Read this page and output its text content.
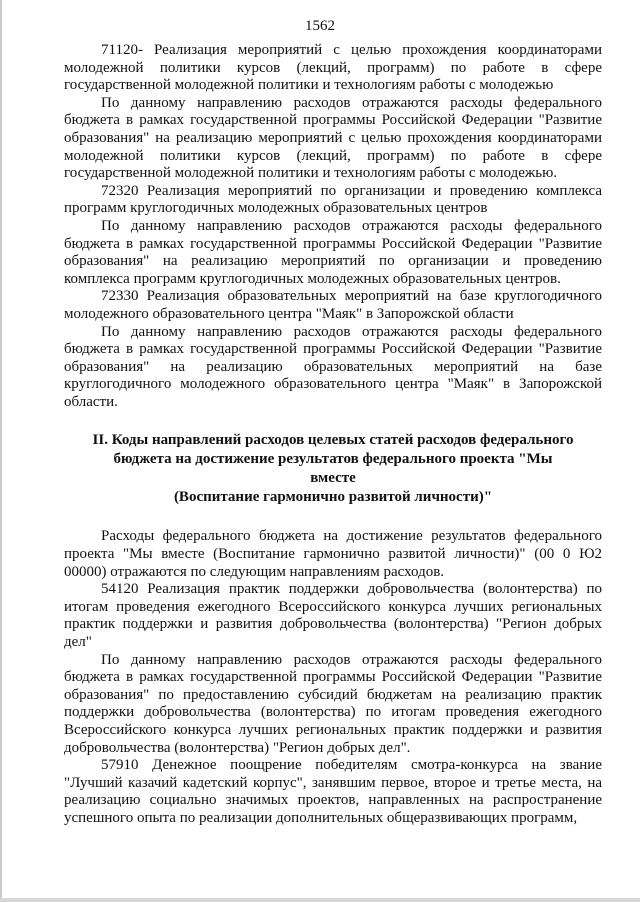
1562

71120- Реализация мероприятий с целью прохождения координаторами молодежной политики курсов (лекций, программ) по работе в сфере государственной молодежной политики и технологиям работы с молодежью

По данному направлению расходов отражаются расходы федерального бюджета в рамках государственной программы Российской Федерации "Развитие образования" на реализацию мероприятий с целью прохождения координаторами молодежной политики курсов (лекций, программ) по работе в сфере государственной молодежной политики и технологиям работы с молодежью.

72320 Реализация мероприятий по организации и проведению комплекса программ круглогодичных молодежных образовательных центров

По данному направлению расходов отражаются расходы федерального бюджета в рамках государственной программы Российской Федерации "Развитие образования" на реализацию мероприятий по организации и проведению комплекса программ круглогодичных молодежных образовательных центров.

72330 Реализация образовательных мероприятий на базе круглогодичного молодежного образовательного центра "Маяк" в Запорожской области

По данному направлению расходов отражаются расходы федерального бюджета в рамках государственной программы Российской Федерации "Развитие образования" на реализацию образовательных мероприятий на базе круглогодичного молодежного образовательного центра "Маяк" в Запорожской области.

II. Коды направлений расходов целевых статей расходов федерального
бюджета на достижение результатов федерального проекта "Мы вместе
(Воспитание гармонично развитой личности)"

Расходы федерального бюджета на достижение результатов федерального проекта "Мы вместе (Воспитание гармонично развитой личности)" (00 0 Ю2 00000) отражаются по следующим направлениям расходов.

54120 Реализация практик поддержки добровольчества (волонтерства) по итогам проведения ежегодного Всероссийского конкурса лучших региональных практик поддержки и развития добровольчества (волонтерства) "Регион добрых дел"

По данному направлению расходов отражаются расходы федерального бюджета в рамках государственной программы Российской Федерации "Развитие образования" по предоставлению субсидий бюджетам на реализацию практик поддержки добровольчества (волонтерства) по итогам проведения ежегодного Всероссийского конкурса лучших региональных практик поддержки и развития добровольчества (волонтерства) "Регион добрых дел".

57910 Денежное поощрение победителям смотра-конкурса на звание "Лучший казачий кадетский корпус", занявшим первое, второе и третье места, на реализацию социально значимых проектов, направленных на распространение успешного опыта по реализации дополнительных общеразвивающих программ,
